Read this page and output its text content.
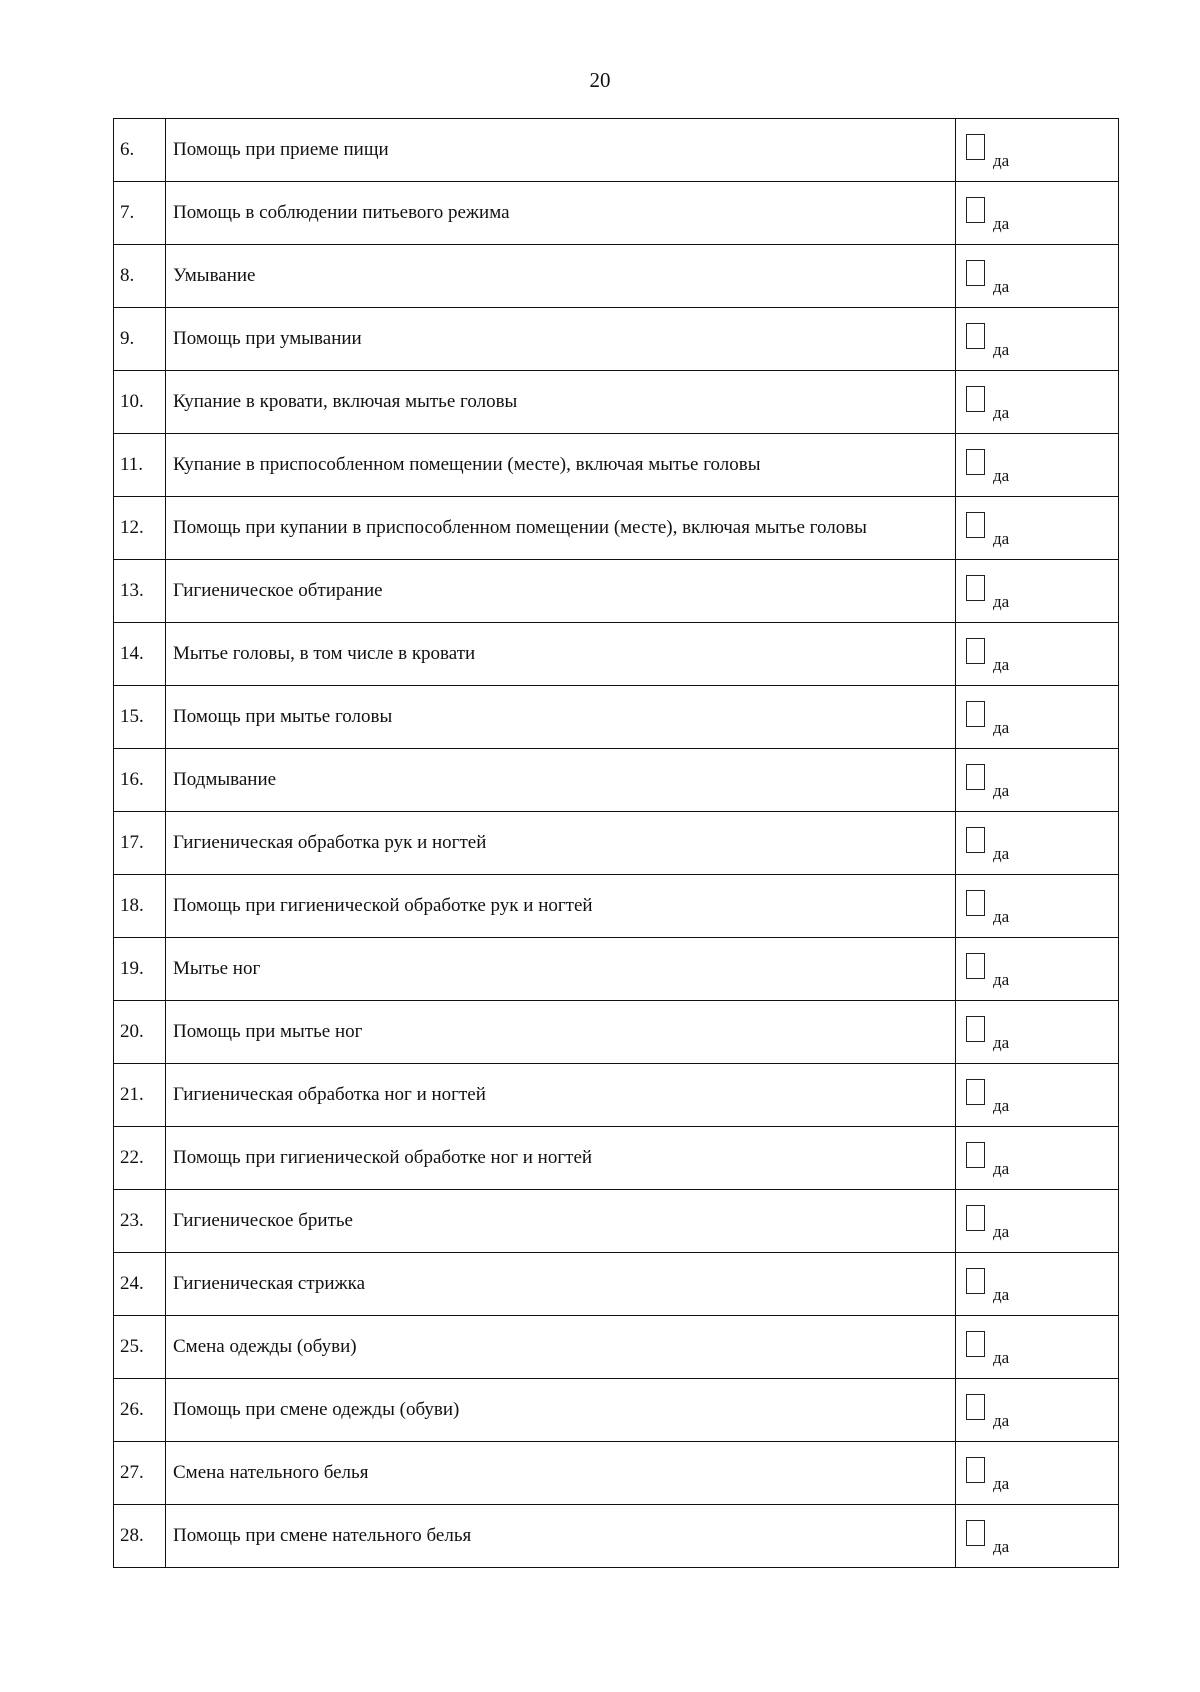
20
6.	Помощь при приеме пищи	да

7.	Помощь в соблюдении питьевого режима	да

8.	Умывание	да

9.	Помощь при умывании	да

10.	Купание в кровати, включая мытье головы	да

11.	Купание в приспособленном помещении (месте), включая мытье головы	да

12.	Помощь при купании в приспособленном помещении (месте), включая мытье головы	да

13.	Гигиеническое обтирание	да

14.	Мытье головы, в том числе в кровати	да

15.	Помощь при мытье головы	да

16.	Подмывание	да

17.	Гигиеническая обработка рук и ногтей	да

18.	Помощь при гигиенической обработке рук и ногтей	да

19.	Мытье ног	да

20.	Помощь при мытье ног	да

21.	Гигиеническая обработка ног и ногтей	да

22.	Помощь при гигиенической обработке ног и ногтей	да

23.	Гигиеническое бритье	да

24.	Гигиеническая стрижка	да

25.	Смена одежды (обуви)	да

26.	Помощь при смене одежды (обуви)	да

27.	Смена нательного белья	да

28.	Помощь при смене нательного белья	да
